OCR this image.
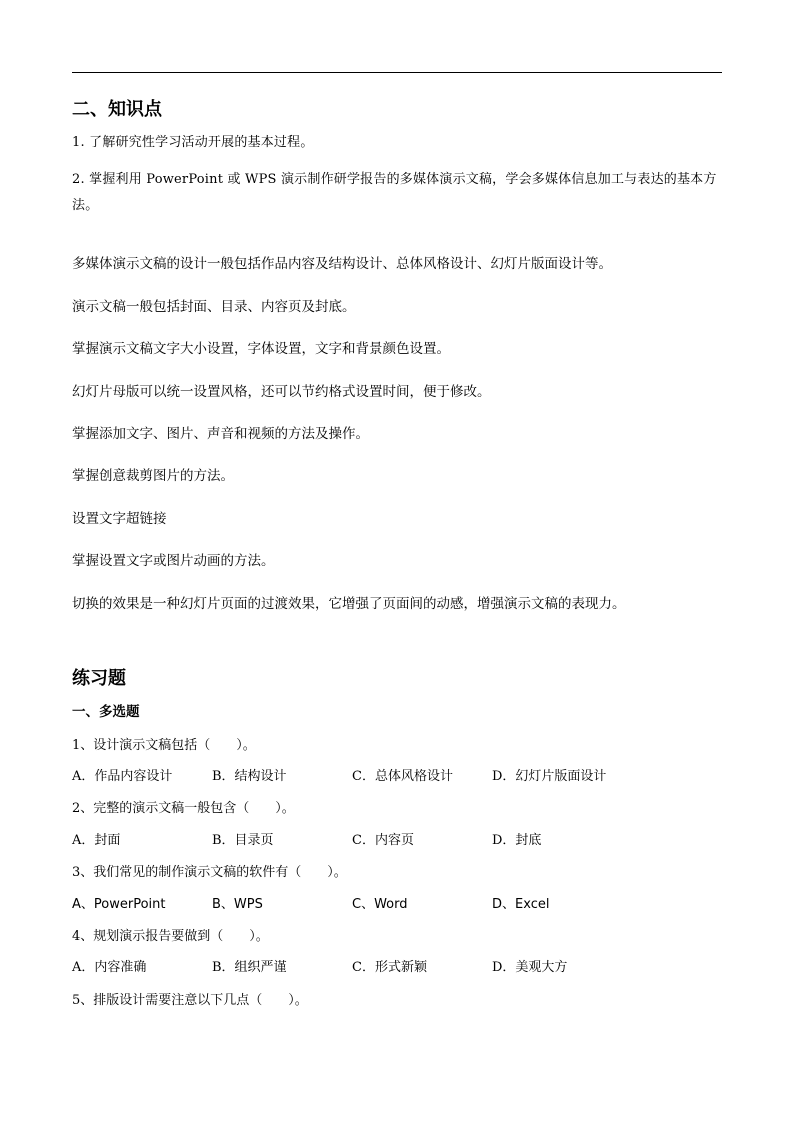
二、知识点
1. 了解研究性学习活动开展的基本过程。
2. 掌握利用 PowerPoint 或 WPS 演示制作研学报告的多媒体演示文稿，学会多媒体信息加工与表达的基本方法。
多媒体演示文稿的设计一般包括作品内容及结构设计、总体风格设计、幻灯片版面设计等。
演示文稿一般包括封面、目录、内容页及封底。
掌握演示文稿文字大小设置，字体设置，文字和背景颜色设置。
幻灯片母版可以统一设置风格，还可以节约格式设置时间，便于修改。
掌握添加文字、图片、声音和视频的方法及操作。
掌握创意裁剪图片的方法。
设置文字超链接
掌握设置文字或图片动画的方法。
切换的效果是一种幻灯片页面的过渡效果，它增强了页面间的动感，增强演示文稿的表现力。
练习题
一、多选题
1、设计演示文稿包括（　　）。
A．作品内容设计	B．结构设计	C．总体风格设计	D．幻灯片版面设计
2、完整的演示文稿一般包含（　　）。
A．封面	B．目录页	C．内容页	D．封底
3、我们常见的制作演示文稿的软件有（　　）。
A、PowerPoint	B、WPS	C、Word	D、Excel
4、规划演示报告要做到（　　）。
A．内容准确	B．组织严谨	C．形式新颖	D．美观大方
5、排版设计需要注意以下几点（　　）。
